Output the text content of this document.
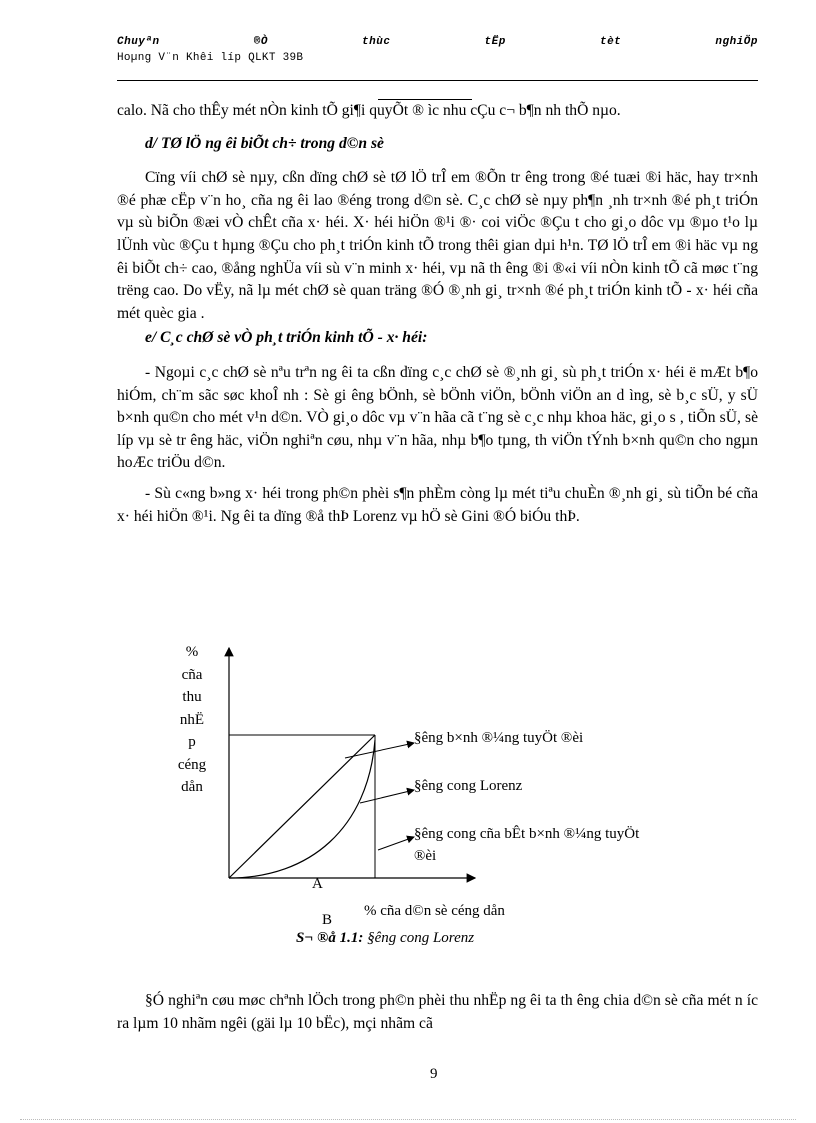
Chuyªn	®Ò	thùc	tËp	tèt	nghiÖp
Hoµng V¨n Khêi líp QLKT 39B

calo. Nã cho thÊy mét nÒn kinh tÕ gi¶i quyÕt ® ìc nhu cÇu c¬ b¶n nh thÕ nµo.

d/ TØ lÖ ng êi biÕt ch÷ trong d©n sè

Cïng víi chØ sè nµy, cßn dïng chØ sè tØ lÖ trÎ em ®Õn tr êng trong ®é tuæi ®i häc, hay tr×nh ®é phæ cËp v¨n ho¸ cña ng êi lao ®éng trong d©n sè. C¸c chØ sè nµy ph¶n ¸nh tr×nh ®é ph¸t triÓn vµ sù biÕn ®æi vÒ chÊt cña x· héi. X· héi hiÖn ®¹i ®· coi viÖc ®Çu t cho gi¸o dôc vµ ®µo t¹o lµ lÜnh vùc ®Çu t hµng ®Çu cho ph¸t triÓn kinh tÕ trong thêi gian dµi h¹n. TØ lÖ trÎ em ®i häc vµ ng êi biÕt ch÷ cao, ®ång nghÜa víi sù v¨n minh x· héi, vµ nã th êng ®i ®«i víi nÒn kinh tÕ cã møc t¨ng trëng cao. Do vËy, nã lµ mét chØ sè quan träng ®Ó ®¸nh gi¸ tr×nh ®é ph¸t triÓn kinh tÕ - x· héi cña mét quèc gia .

e/ C¸c chØ sè vÒ ph¸t triÓn kinh tÕ - x· héi:

- Ngoµi c¸c chØ sè nªu trªn ng êi ta cßn dïng c¸c chØ sè ®¸nh gi¸ sù ph¸t triÓn x· héi ë mÆt b¶o hiÓm, ch¨m sãc søc khoÎ nh : Sè gi êng bÖnh, sè bÖnh viÖn, bÖnh viÖn an d ìng, sè b¸c sÜ, y sÜ b×nh qu©n cho mét v¹n d©n. VÒ gi¸o dôc vµ v¨n hãa cã t¨ng sè c¸c nhµ khoa häc, gi¸o s , tiÕn sÜ, sè líp vµ sè tr êng häc, viÖn nghiªn cøu, nhµ v¨n hãa, nhµ b¶o tµng, th viÖn tÝnh b×nh qu©n cho ngµn hoÆc triÖu d©n.

- Sù c«ng b»ng x· héi trong ph©n phèi s¶n phÈm còng lµ mét tiªu chuÈn ®¸nh gi¸ sù tiÕn bé cña x· héi hiÖn ®¹i. Ng êi ta dïng ®å thÞ Lorenz vµ hÖ sè Gini ®Ó biÓu thÞ.

%
cña
thu
nhË
p
céng
dån
§êng b×nh ®¼ng tuyÖt ®èi
§êng cong Lorenz
§êng cong cña bÊt b×nh ®¼ng tuyÖt
®èi
A
B
% cña d©n sè céng dån
S¬ ®å 1.1: §êng cong Lorenz

§Ó nghiªn cøu møc chªnh lÖch trong ph©n phèi thu nhËp ng êi ta th êng chia d©n sè cña mét n íc ra lµm 10 nhãm ngêi (gäi lµ 10 bËc), mçi nhãm cã

9
